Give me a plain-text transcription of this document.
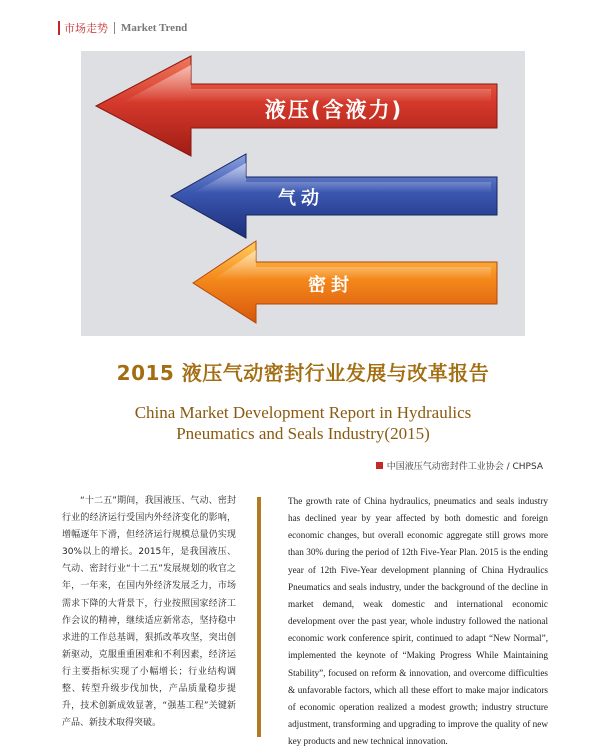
市场走势 Market Trend
液压(含液力)
气动
密封
2015 液压气动密封行业发展与改革报告
China Market Development Report in Hydraulics
Pneumatics and Seals Industry(2015)
中国液压气动密封件工业协会 / CHPSA

“十二五”期间，我国液压、气动、密封行业的经济运行受国内外经济变化的影响，增幅逐年下滑，但经济运行规模总量仍实现30%以上的增长。2015年，是我国液压、气动、密封行业“十二五”发展规划的收官之年，一年来，在国内外经济发展乏力，市场需求下降的大背景下，行业按照国家经济工作会议的精神，继续适应新常态，坚持稳中求进的工作总基调，狠抓改革攻坚，突出创新驱动，克服重重困难和不利因素，经济运行主要指标实现了小幅增长；行业结构调整、转型升级步伐加快，产品质量稳步提升，技术创新成效显著，“强基工程”关键新产品、新技术取得突破。

The growth rate of China hydraulics, pneumatics and seals industry has declined year by year affected by both domestic and foreign economic changes, but overall economic aggregate still grows more than 30% during the period of 12th Five-Year Plan. 2015 is the ending year of 12th Five-Year development planning of China Hydraulics Pneumatics and seals industry, under the background of the decline in market demand, weak domestic and international economic development over the past year, whole industry followed the national economic work conference spirit, continued to adapt “New Normal”, implemented the keynote of “Making Progress While Maintaining Stability”, focused on reform & innovation, and overcome difficulties & unfavorable factors, which all these effort to make major indicators of economic operation realized a modest growth; industry structure adjustment, transforming and upgrading to improve the quality of new key products and new technical innovation.
